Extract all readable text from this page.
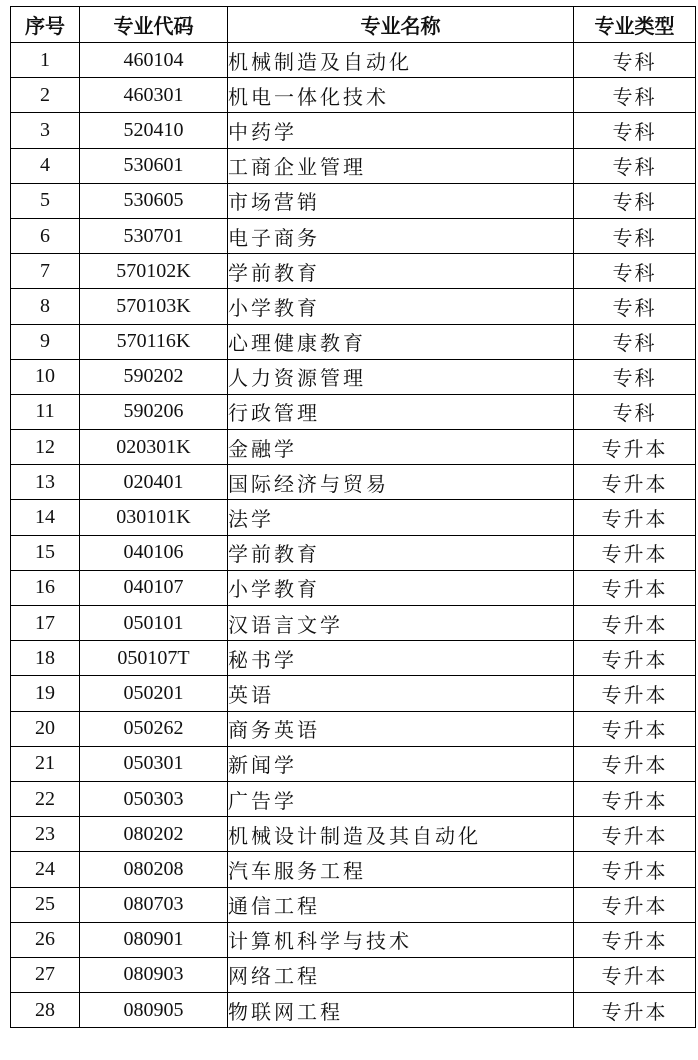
序号	专业代码	专业名称	专业类型
1	460104	机械制造及自动化	专科
2	460301	机电一体化技术	专科
3	520410	中药学	专科
4	530601	工商企业管理	专科
5	530605	市场营销	专科
6	530701	电子商务	专科
7	570102K	学前教育	专科
8	570103K	小学教育	专科
9	570116K	心理健康教育	专科
10	590202	人力资源管理	专科
11	590206	行政管理	专科
12	020301K	金融学	专升本
13	020401	国际经济与贸易	专升本
14	030101K	法学	专升本
15	040106	学前教育	专升本
16	040107	小学教育	专升本
17	050101	汉语言文学	专升本
18	050107T	秘书学	专升本
19	050201	英语	专升本
20	050262	商务英语	专升本
21	050301	新闻学	专升本
22	050303	广告学	专升本
23	080202	机械设计制造及其自动化	专升本
24	080208	汽车服务工程	专升本
25	080703	通信工程	专升本
26	080901	计算机科学与技术	专升本
27	080903	网络工程	专升本
28	080905	物联网工程	专升本
